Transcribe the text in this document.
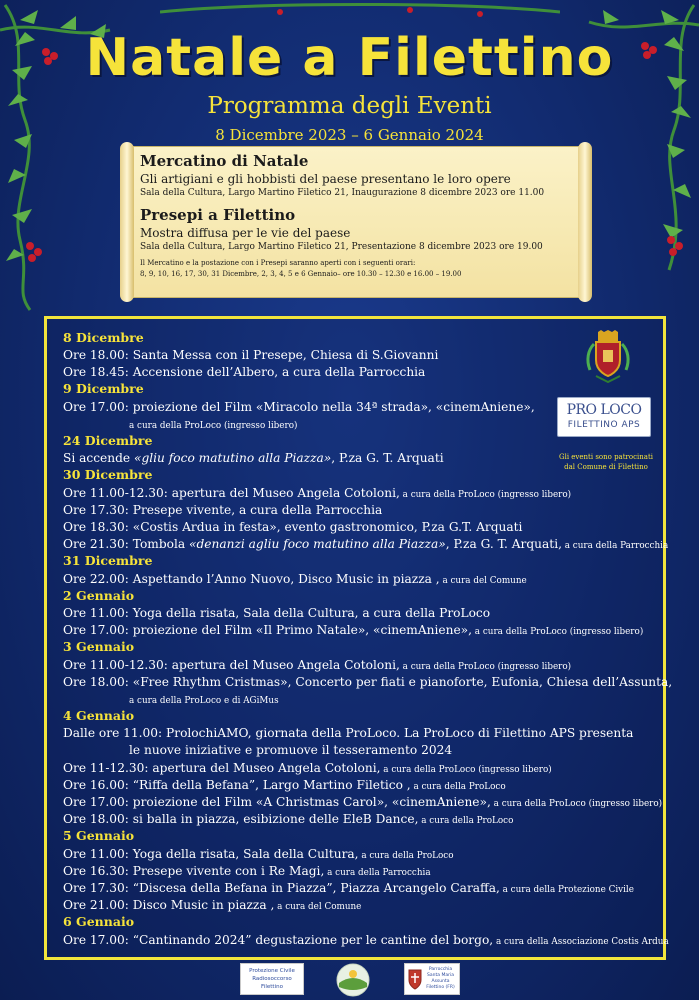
Natale a Filettino
Programma degli Eventi
8 Dicembre 2023 – 6 Gennaio 2024
Mercatino di Natale
Gli artigiani e gli hobbisti del paese presentano le loro opere
Sala della Cultura, Largo Martino Filetico 21, Inaugurazione 8 dicembre 2023 ore 11.00
Presepi a Filettino
Mostra diffusa per le vie del paese
Sala della Cultura, Largo Martino Filetico 21, Presentazione 8 dicembre 2023 ore 19.00
Il Mercatino e la postazione con i Presepi saranno aperti con i seguenti orari:
8, 9, 10, 16, 17, 30, 31 Dicembre, 2, 3, 4, 5 e 6 Gennaio– ore 10.30 – 12.30 e 16.00 – 19.00
8 Dicembre
Ore 18.00: Santa Messa con il Presepe, Chiesa di S.Giovanni
Ore 18.45: Accensione dell’Albero, a cura della Parrocchia
9 Dicembre
Ore 17.00: proiezione del Film «Miracolo nella 34ª strada», «cinemAniene»,
a cura della ProLoco (ingresso libero)
24 Dicembre
Si accende «gliu foco matutino alla Piazza», P.za G. T. Arquati
30 Dicembre
Ore 11.00-12.30: apertura del Museo Angela Cotoloni, a cura della ProLoco (ingresso libero)
Ore 17.30: Presepe vivente, a cura della Parrocchia
Ore 18.30: «Costis Ardua in festa», evento gastronomico, P.za G.T. Arquati
Ore 21.30: Tombola «denanzi agliu foco matutino alla Piazza», P.za G. T. Arquati, a cura della Parrocchia
31 Dicembre
Ore 22.00: Aspettando l’Anno Nuovo, Disco Music in piazza , a cura del Comune
2 Gennaio
Ore 11.00: Yoga della risata, Sala della Cultura, a cura della ProLoco
Ore 17.00: proiezione del Film «Il Primo Natale», «cinemAniene», a cura della ProLoco (ingresso libero)
3 Gennaio
Ore 11.00-12.30: apertura del Museo Angela Cotoloni, a cura della ProLoco (ingresso libero)
Ore 18.00: «Free Rhythm Cristmas», Concerto per fiati e pianoforte, Eufonia, Chiesa dell’Assunta,
a cura della ProLoco e di AGiMus
4 Gennaio
Dalle ore 11.00: ProlochiAMO, giornata della ProLoco. La ProLoco di Filettino APS presenta
le nuove iniziative e promuove il tesseramento 2024
Ore 11-12.30: apertura del Museo Angela Cotoloni, a cura della ProLoco (ingresso libero)
Ore 16.00: “Riffa della Befana”, Largo Martino Filetico , a cura della ProLoco
Ore 17.00: proiezione del Film «A Christmas Carol», «cinemAniene», a cura della ProLoco (ingresso libero)
Ore 18.00: si balla in piazza, esibizione delle EleB Dance, a cura della ProLoco
5 Gennaio
Ore 11.00: Yoga della risata, Sala della Cultura, a cura della ProLoco
Ore 16.30: Presepe vivente con i Re Magi, a cura della Parrocchia
Ore 17.30: “Discesa della Befana in Piazza”, Piazza Arcangelo Caraffa, a cura della Protezione Civile
Ore 21.00: Disco Music in piazza , a cura del Comune
6 Gennaio
Ore 17.00: “Cantinando 2024” degustazione per le cantine del borgo, a cura della Associazione Costis Ardua
PRO LOCO
FILETTINO APS
Gli eventi sono patrocinati
dal Comune di Filettino
Protezione Civile Radiosoccorso Filettino
Parrocchia Santa Maria Assunta Filettino (FR)
